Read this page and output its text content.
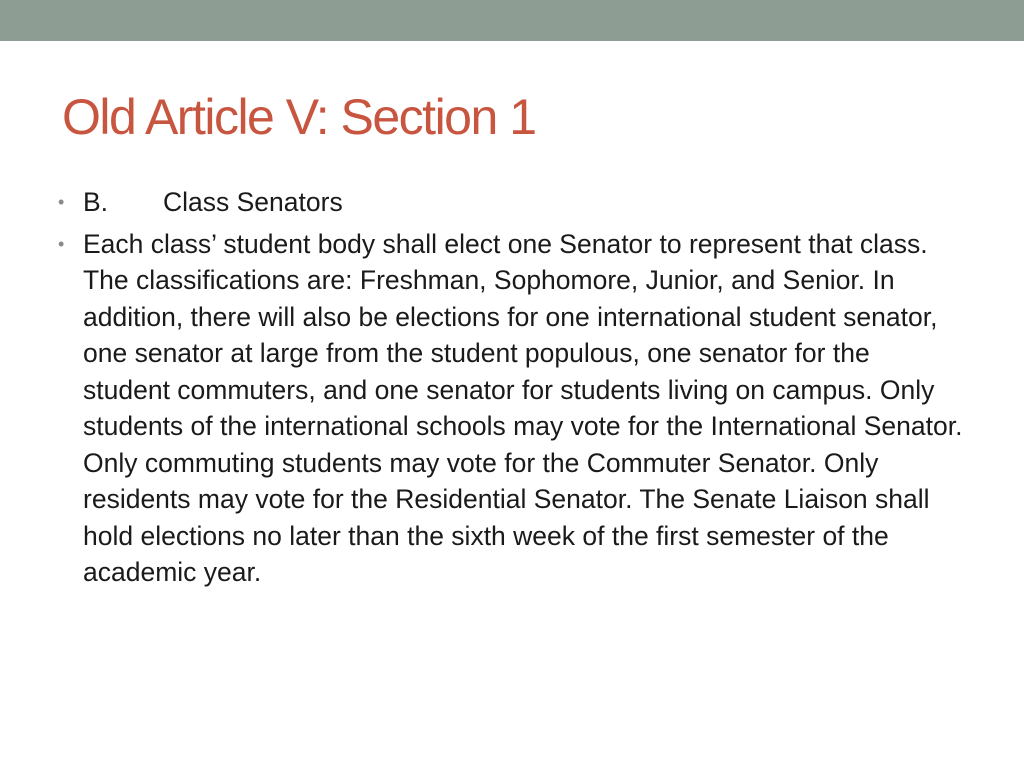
Old Article V: Section 1
• B. Class Senators
• Each class’ student body shall elect one Senator to represent that class. The classifications are: Freshman, Sophomore, Junior, and Senior. In addition, there will also be elections for one international student senator, one senator at large from the student populous, one senator for the student commuters, and one senator for students living on campus. Only students of the international schools may vote for the International Senator. Only commuting students may vote for the Commuter Senator. Only residents may vote for the Residential Senator. The Senate Liaison shall hold elections no later than the sixth week of the first semester of the academic year.
